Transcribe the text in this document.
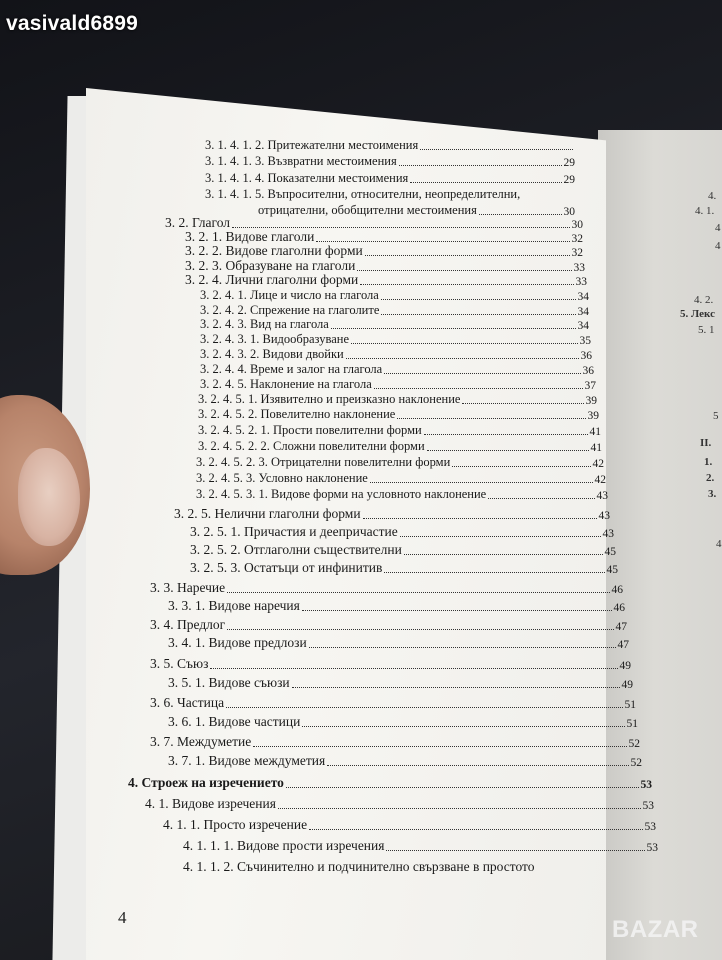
3. 1. 4. 1. 2. Притежателни местоимения
3. 1. 4. 1. 3. Възвратни местоимения	29
3. 1. 4. 1. 4. Показателни местоимения	29
3. 1. 4. 1. 5. Въпросителни, относителни, неопределителни,
отрицателни, обобщителни местоимения	30
3. 2. Глагол	30
3. 2. 1. Видове глаголи	32
3. 2. 2. Видове глаголни форми	32
3. 2. 3. Образуване на глаголи	33
3. 2. 4. Лични глаголни форми	33
3. 2. 4. 1. Лице и число на глагола	34
3. 2. 4. 2. Спрежение на глаголите	34
3. 2. 4. 3. Вид на глагола	34
3. 2. 4. 3. 1. Видообразуване	35
3. 2. 4. 3. 2. Видови двойки	36
3. 2. 4. 4. Време и залог на глагола	36
3. 2. 4. 5. Наклонение на глагола	37
3. 2. 4. 5. 1. Изявително и преизказно наклонение	39
3. 2. 4. 5. 2. Повелително наклонение	39
3. 2. 4. 5. 2. 1. Прости повелителни форми	41
3. 2. 4. 5. 2. 2. Сложни повелителни форми	41
3. 2. 4. 5. 2. 3. Отрицателни повелителни форми	42
3. 2. 4. 5. 3. Условно наклонение	42
3. 2. 4. 5. 3. 1. Видове форми на условното наклонение	43
3. 2. 5. Нелични глаголни форми	43
3. 2. 5. 1. Причастия и деепричастие	43
3. 2. 5. 2. Отглаголни съществителни	45
3. 2. 5. 3. Остатъци от инфинитив	45
3. 3. Наречие	46
3. 3. 1. Видове наречия	46
3. 4. Предлог	47
3. 4. 1. Видове предлози	47
3. 5. Съюз	49
3. 5. 1. Видове съюзи	49
3. 6. Частица	51
3. 6. 1. Видове частици	51
3. 7. Междуметие	52
3. 7. 1. Видове междуметия	52
4. Строеж на изречението	53
4. 1. Видове изречения	53
4. 1. 1. Просто изречение	53
4. 1. 1. 1. Видове прости изречения	53
4. 1. 1. 2. Съчинително и подчинително свързване в простото
4
4.
4. 1.
4
4
4. 2.
5. Лекс
5. 1
5
II.
1.
2.
3.
4
vasivald6899
BAZAR
